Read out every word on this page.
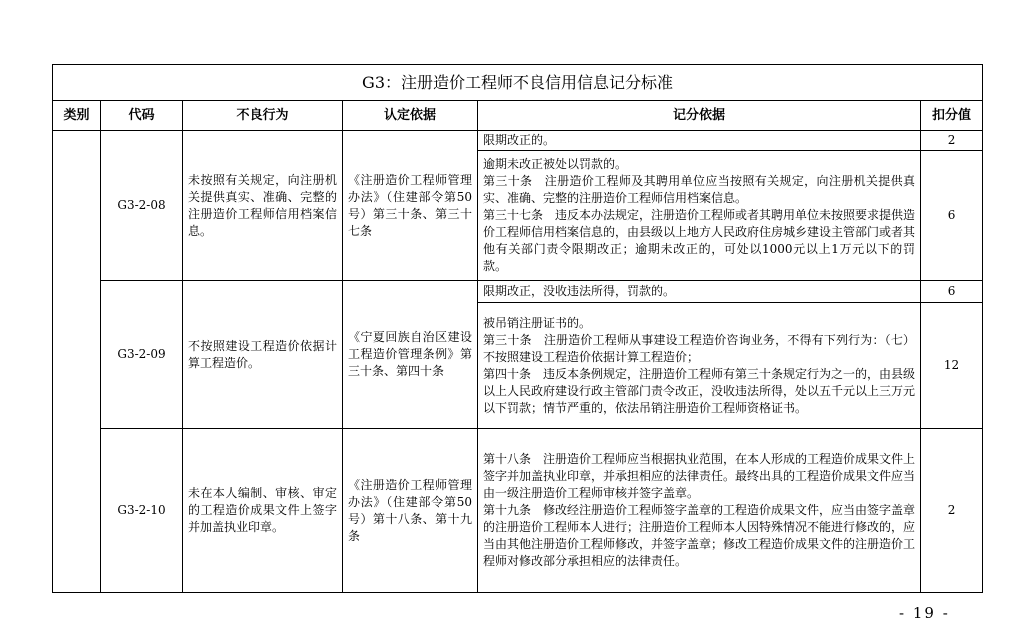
G3：注册造价工程师不良信用信息记分标准					
类别	代码	不良行为	认定依据	记分依据	扣分值
	G3-2-08	未按照有关规定，向注册机关提供真实、准确、完整的注册造价工程师信用档案信息。	《注册造价工程师管理办法》（住建部令第50号）第三十条、第三十七条	限期改正的。	2

				逾期未改正被处以罚款的。

第三十条　注册造价工程师及其聘用单位应当按照有关规定，向注册机关提供真实、准确、完整的注册造价工程师信用档案信息。

第三十七条　违反本办法规定，注册造价工程师或者其聘用单位未按照要求提供造价工程师信用档案信息的，由县级以上地方人民政府住房城乡建设主管部门或者其他有关部门责令限期改正；逾期未改正的，可处以1000元以上1万元以下的罚款。	6
	G3-2-09	不按照建设工程造价依据计算工程造价。	《宁夏回族自治区建设工程造价管理条例》第三十条、第四十条	限期改正，没收违法所得，罚款的。	6

				被吊销注册证书的。

第三十条　注册造价工程师从事建设工程造价咨询业务，不得有下列行为：（七）不按照建设工程造价依据计算工程造价；

第四十条　违反本条例规定，注册造价工程师有第三十条规定行为之一的，由县级以上人民政府建设行政主管部门责令改正，没收违法所得，处以五千元以上三万元以下罚款；情节严重的，依法吊销注册造价工程师资格证书。	12
	G3-2-10	未在本人编制、审核、审定的工程造价成果文件上签字并加盖执业印章。	《注册造价工程师管理办法》（住建部令第50号）第十八条、第十九条	第十八条　注册造价工程师应当根据执业范围，在本人形成的工程造价成果文件上签字并加盖执业印章，并承担相应的法律责任。最终出具的工程造价成果文件应当由一级注册造价工程师审核并签字盖章。

第十九条　修改经注册造价工程师签字盖章的工程造价成果文件，应当由签字盖章的注册造价工程师本人进行；注册造价工程师本人因特殊情况不能进行修改的，应当由其他注册造价工程师修改，并签字盖章；修改工程造价成果文件的注册造价工程师对修改部分承担相应的法律责任。	2
- 19 -
